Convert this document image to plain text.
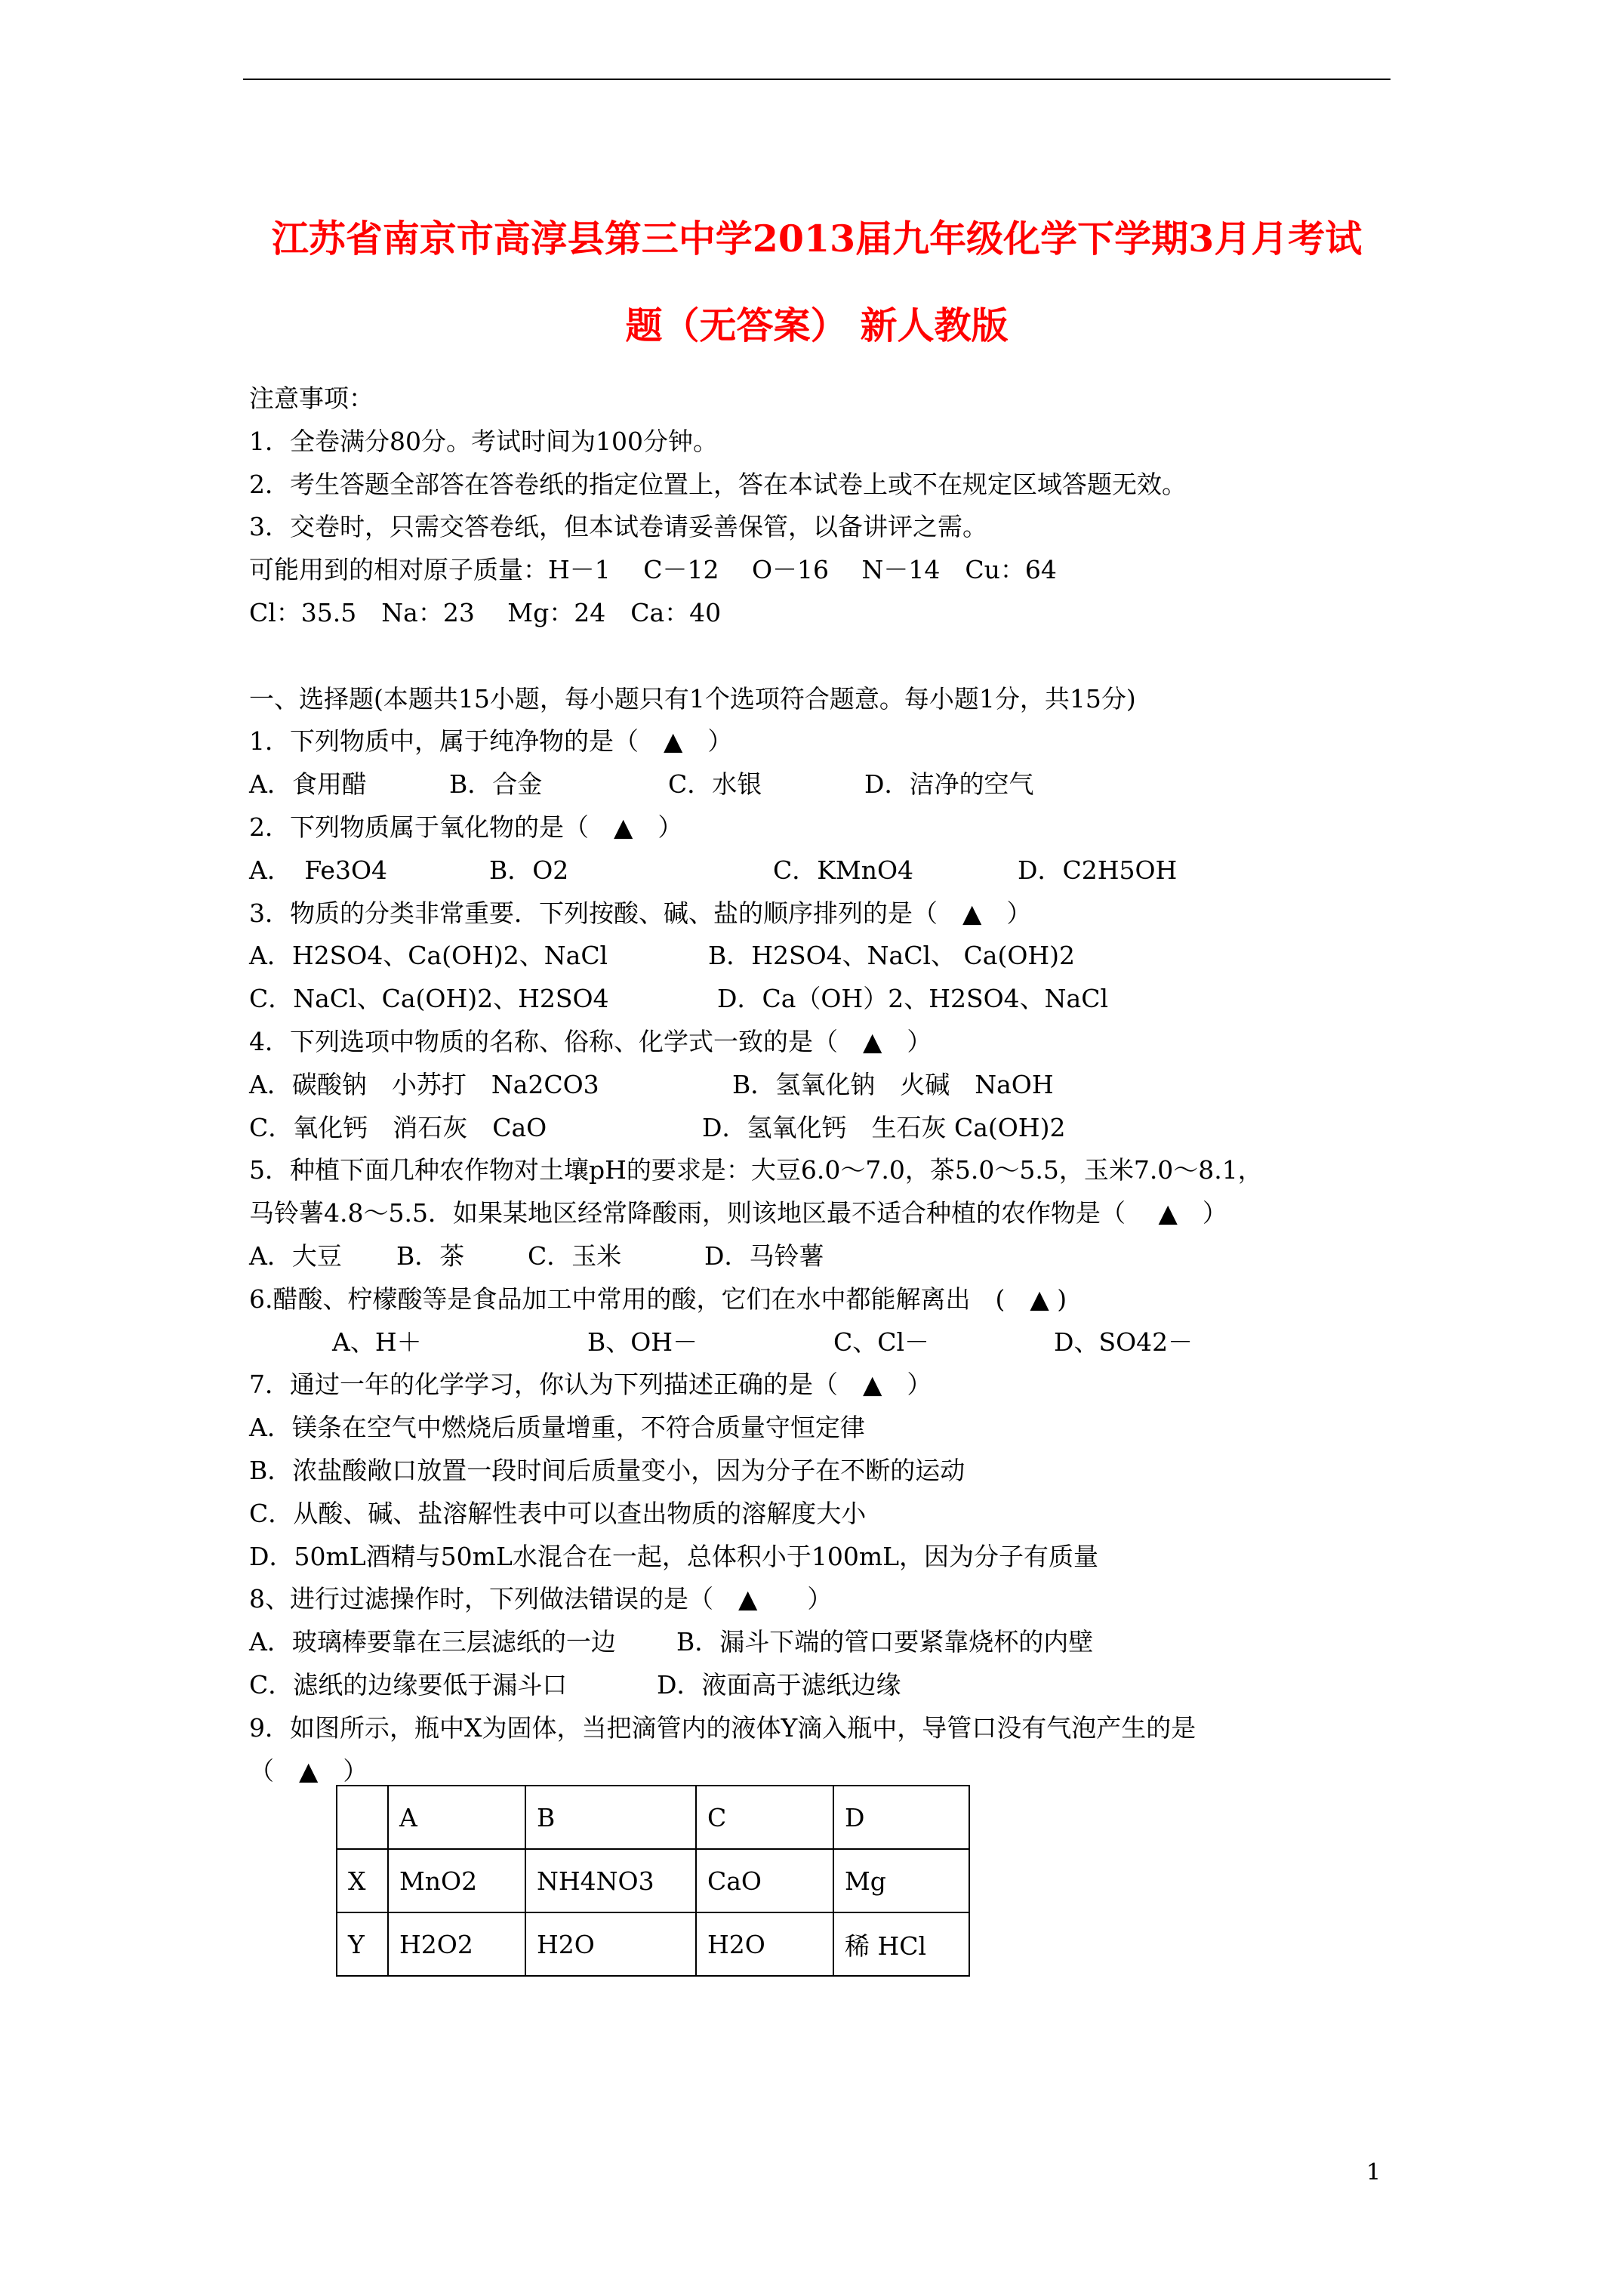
江苏省南京市高淳县第三中学2013届九年级化学下学期3月月考试
题（无答案） 新人教版
注意事项：
1．全卷满分80分。考试时间为100分钟。
2．考生答题全部答在答卷纸的指定位置上，答在本试卷上或不在规定区域答题无效。
3．交卷时，只需交答卷纸，但本试卷请妥善保管，以备讲评之需。
可能用到的相对原子质量：H－1　 C－12　 O－16　 N－14　Cu：64
Cl：35.5　Na：23　 Mg：24　Ca：40
一、选择题(本题共15小题，每小题只有1个选项符合题意。每小题1分，共15分)
1．下列物质中，属于纯净物的是（　▲　）
A．食用醋	B．合金	C．水银	D．洁净的空气
2．下列物质属于氧化物的是（　▲　）
A．　Fe3O4	B．O2	C．KMnO4	D．C2H5OH
3．物质的分类非常重要．下列按酸、碱、盐的顺序排列的是（　▲　）
A．H2SO4、Ca(OH)2、NaCl	B．H2SO4、NaCl、 Ca(OH)2
C．NaCl、Ca(OH)2、H2SO4	D．Ca（OH）2、H2SO4、NaCl
4．下列选项中物质的名称、俗称、化学式一致的是（　▲　）
A．碳酸钠　小苏打　Na2CO3	B．氢氧化钠　火碱　NaOH
C．氧化钙　消石灰　CaO	D．氢氧化钙　生石灰 Ca(OH)2
5．种植下面几种农作物对土壤pH的要求是：大豆6.0～7.0，茶5.0～5.5，玉米7.0～8.1，
马铃薯4.8～5.5．如果某地区经常降酸雨，则该地区最不适合种植的农作物是（　 ▲　）
A．大豆	B．茶	C．玉米	D．马铃薯
6.醋酸、柠檬酸等是食品加工中常用的酸，它们在水中都能解离出　(　▲ )
A、H＋	B、OH－	C、Cl－	D、SO42－
7．通过一年的化学学习，你认为下列描述正确的是（　▲　）
A．镁条在空气中燃烧后质量增重，不符合质量守恒定律
B．浓盐酸敞口放置一段时间后质量变小，因为分子在不断的运动
C．从酸、碱、盐溶解性表中可以查出物质的溶解度大小
D．50mL酒精与50mL水混合在一起，总体积小于100mL，因为分子有质量
8、进行过滤操作时，下列做法错误的是（　▲　　）
A．玻璃棒要靠在三层滤纸的一边	B．漏斗下端的管口要紧靠烧杯的内壁
C．滤纸的边缘要低于漏斗口	D．液面高于滤纸边缘
9．如图所示，瓶中X为固体，当把滴管内的液体Y滴入瓶中，导管口没有气泡产生的是
（　▲　）
	A	B	C	D
X	MnO2	NH4NO3	CaO	Mg
Y	H2O2	H2O	H2O	稀 HCl
1
